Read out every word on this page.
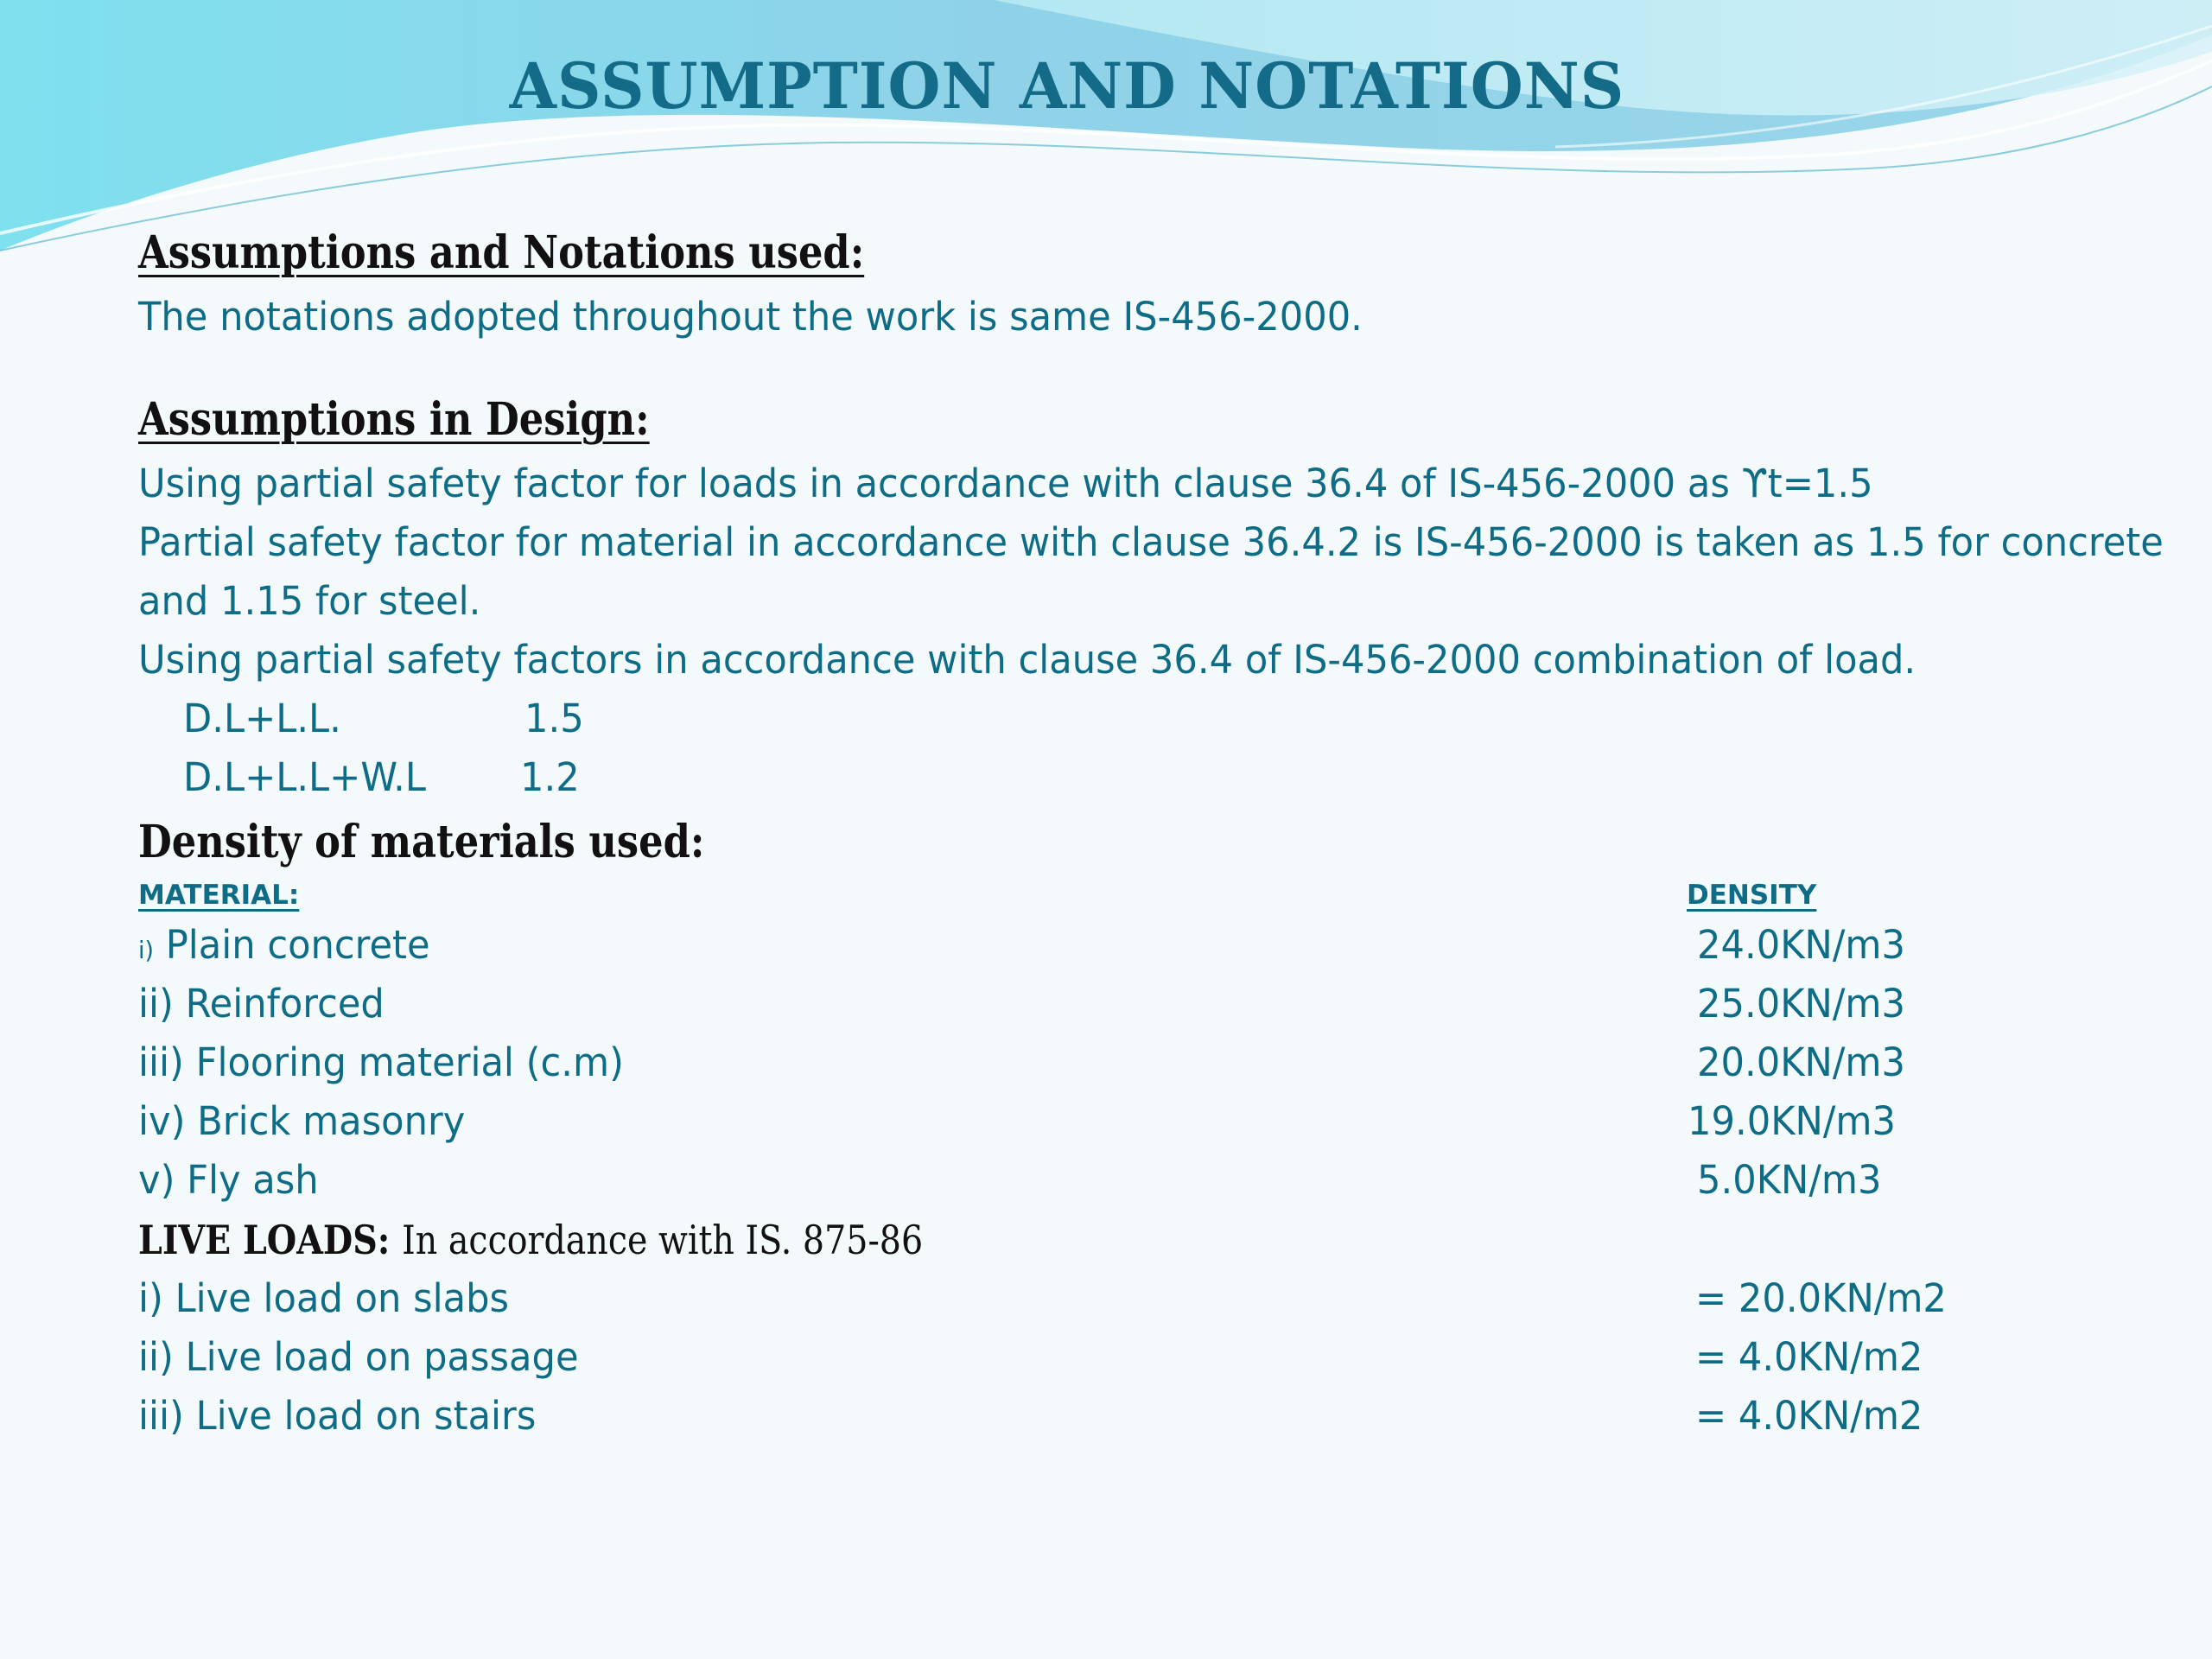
ASSUMPTION AND NOTATIONS
Assumptions and Notations used:
The notations adopted throughout the work is same IS-456-2000.
Assumptions in Design:
Using partial safety factor for loads in accordance with clause 36.4 of IS-456-2000 as ϒt=1.5
Partial safety factor for material in accordance with clause 36.4.2 is IS-456-2000 is taken as 1.5 for concrete
and 1.15 for steel.
Using partial safety factors in accordance with clause 36.4 of IS-456-2000 combination of load.
D.L+L.L.	1.5
D.L+L.L+W.L 1.2
Density of materials used:
MATERIAL:	DENSITY
i) Plain concrete	24.0KN/m3
ii) Reinforced	25.0KN/m3
iii) Flooring material (c.m)	20.0KN/m3
iv) Brick masonry	19.0KN/m3
v) Fly ash	5.0KN/m3
LIVE LOADS: In accordance with IS. 875-86
i) Live load on slabs	= 20.0KN/m2
ii) Live load on passage	= 4.0KN/m2
iii) Live load on stairs	= 4.0KN/m2
